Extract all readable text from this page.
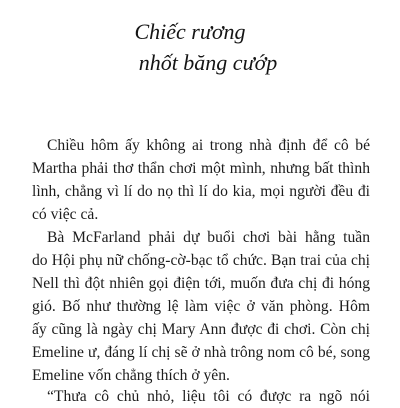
Chiếc rương
nhốt băng cướp
Chiều hôm ấy không ai trong nhà định để cô bé
Martha phải thơ thẩn chơi một mình, nhưng bất thình
lình, chẳng vì lí do nọ thì lí do kia, mọi người đều đi
có việc cả.
Bà McFarland phải dự buổi chơi bài hằng tuần
do Hội phụ nữ chống-cờ-bạc tổ chức. Bạn trai của chị
Nell thì đột nhiên gọi điện tới, muốn đưa chị đi hóng
gió. Bố như thường lệ làm việc ở văn phòng. Hôm
ấy cũng là ngày chị Mary Ann được đi chơi. Còn chị
Emeline ư, đáng lí chị sẽ ở nhà trông nom cô bé, song
Emeline vốn chẳng thích ở yên.
“Thưa cô chủ nhỏ, liệu tôi có được ra ngõ nói
